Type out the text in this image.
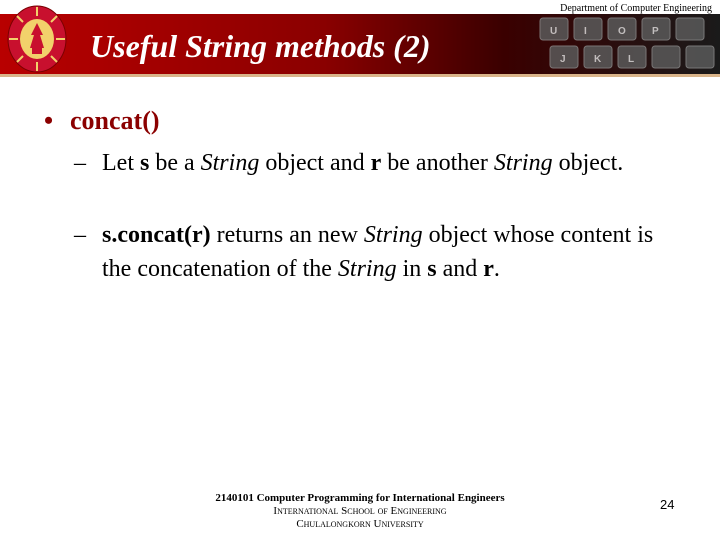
U	I	O	P
J	K	L
Department of Computer Engineering
Useful String methods (2)
• concat()
– Let s be a String object and r be another String object.
– s.concat(r) returns an new String object whose content is the concatenation of the String in s and r.
2140101 Computer Programming for International Engineers
International School of Engineering
Chulalongkorn University
24
